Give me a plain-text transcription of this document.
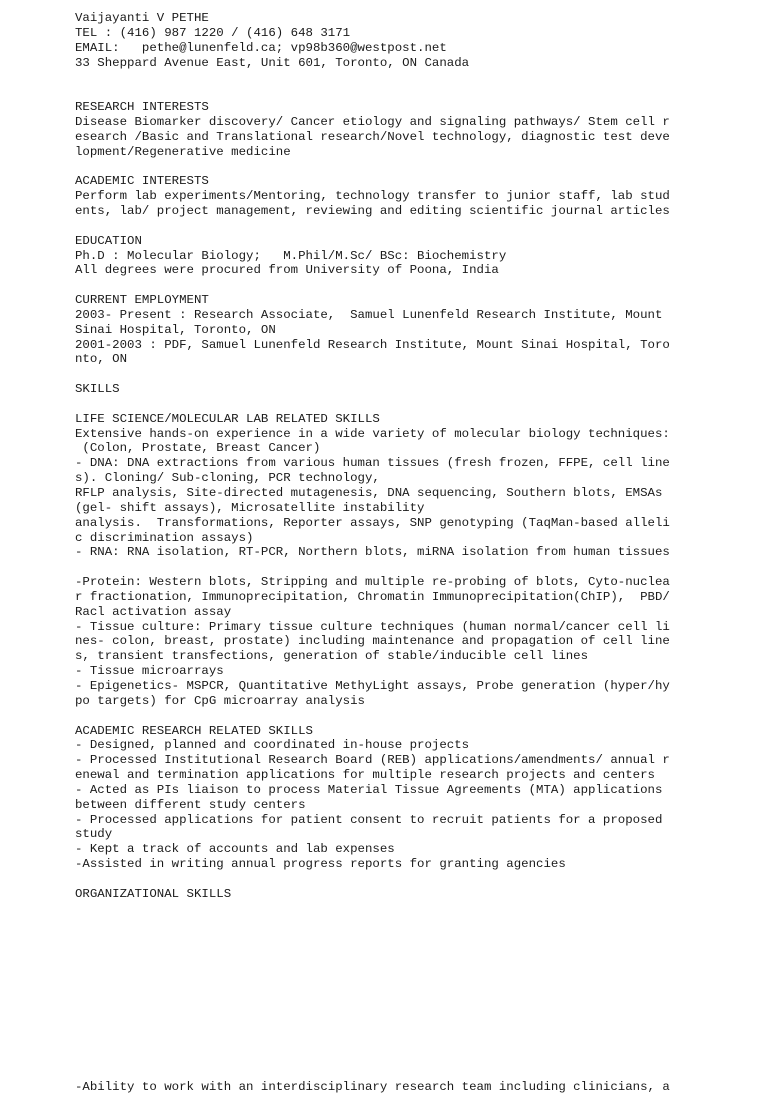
Vaijayanti V PETHE
TEL : (416) 987 1220 / (416) 648 3171
EMAIL:   pethe@lunenfeld.ca; vp98b360@westpost.net
33 Sheppard Avenue East, Unit 601, Toronto, ON Canada
RESEARCH INTERESTS
Disease Biomarker discovery/ Cancer etiology and signaling pathways/ Stem cell r
esearch /Basic and Translational research/Novel technology, diagnostic test deve
lopment/Regenerative medicine
ACADEMIC INTERESTS
Perform lab experiments/Mentoring, technology transfer to junior staff, lab stud
ents, lab/ project management, reviewing and editing scientific journal articles
EDUCATION
Ph.D : Molecular Biology;   M.Phil/M.Sc/ BSc: Biochemistry
All degrees were procured from University of Poona, India
CURRENT EMPLOYMENT
2003- Present : Research Associate,  Samuel Lunenfeld Research Institute, Mount
Sinai Hospital, Toronto, ON
2001-2003 : PDF, Samuel Lunenfeld Research Institute, Mount Sinai Hospital, Toro
nto, ON
SKILLS
LIFE SCIENCE/MOLECULAR LAB RELATED SKILLS
Extensive hands-on experience in a wide variety of molecular biology techniques:
(Colon, Prostate, Breast Cancer)
- DNA: DNA extractions from various human tissues (fresh frozen, FFPE, cell line
s). Cloning/ Sub-cloning, PCR technology,
RFLP analysis, Site-directed mutagenesis, DNA sequencing, Southern blots, EMSAs
(gel- shift assays), Microsatellite instability
analysis.  Transformations, Reporter assays, SNP genotyping (TaqMan-based alleli
c discrimination assays)
- RNA: RNA isolation, RT-PCR, Northern blots, miRNA isolation from human tissues
-Protein: Western blots, Stripping and multiple re-probing of blots, Cyto-nuclea
r fractionation, Immunoprecipitation, Chromatin Immunoprecipitation(ChIP),  PBD/
Racl activation assay
- Tissue culture: Primary tissue culture techniques (human normal/cancer cell li
nes- colon, breast, prostate) including maintenance and propagation of cell line
s, transient transfections, generation of stable/inducible cell lines
- Tissue microarrays
- Epigenetics- MSPCR, Quantitative MethyLight assays, Probe generation (hyper/hy
po targets) for CpG microarray analysis
ACADEMIC RESEARCH RELATED SKILLS
- Designed, planned and coordinated in-house projects
- Processed Institutional Research Board (REB) applications/amendments/ annual r
enewal and termination applications for multiple research projects and centers
- Acted as PIs liaison to process Material Tissue Agreements (MTA) applications
between different study centers
- Processed applications for patient consent to recruit patients for a proposed
study
- Kept a track of accounts and lab expenses
-Assisted in writing annual progress reports for granting agencies
ORGANIZATIONAL SKILLS
-Ability to work with an interdisciplinary research team including clinicians, a
